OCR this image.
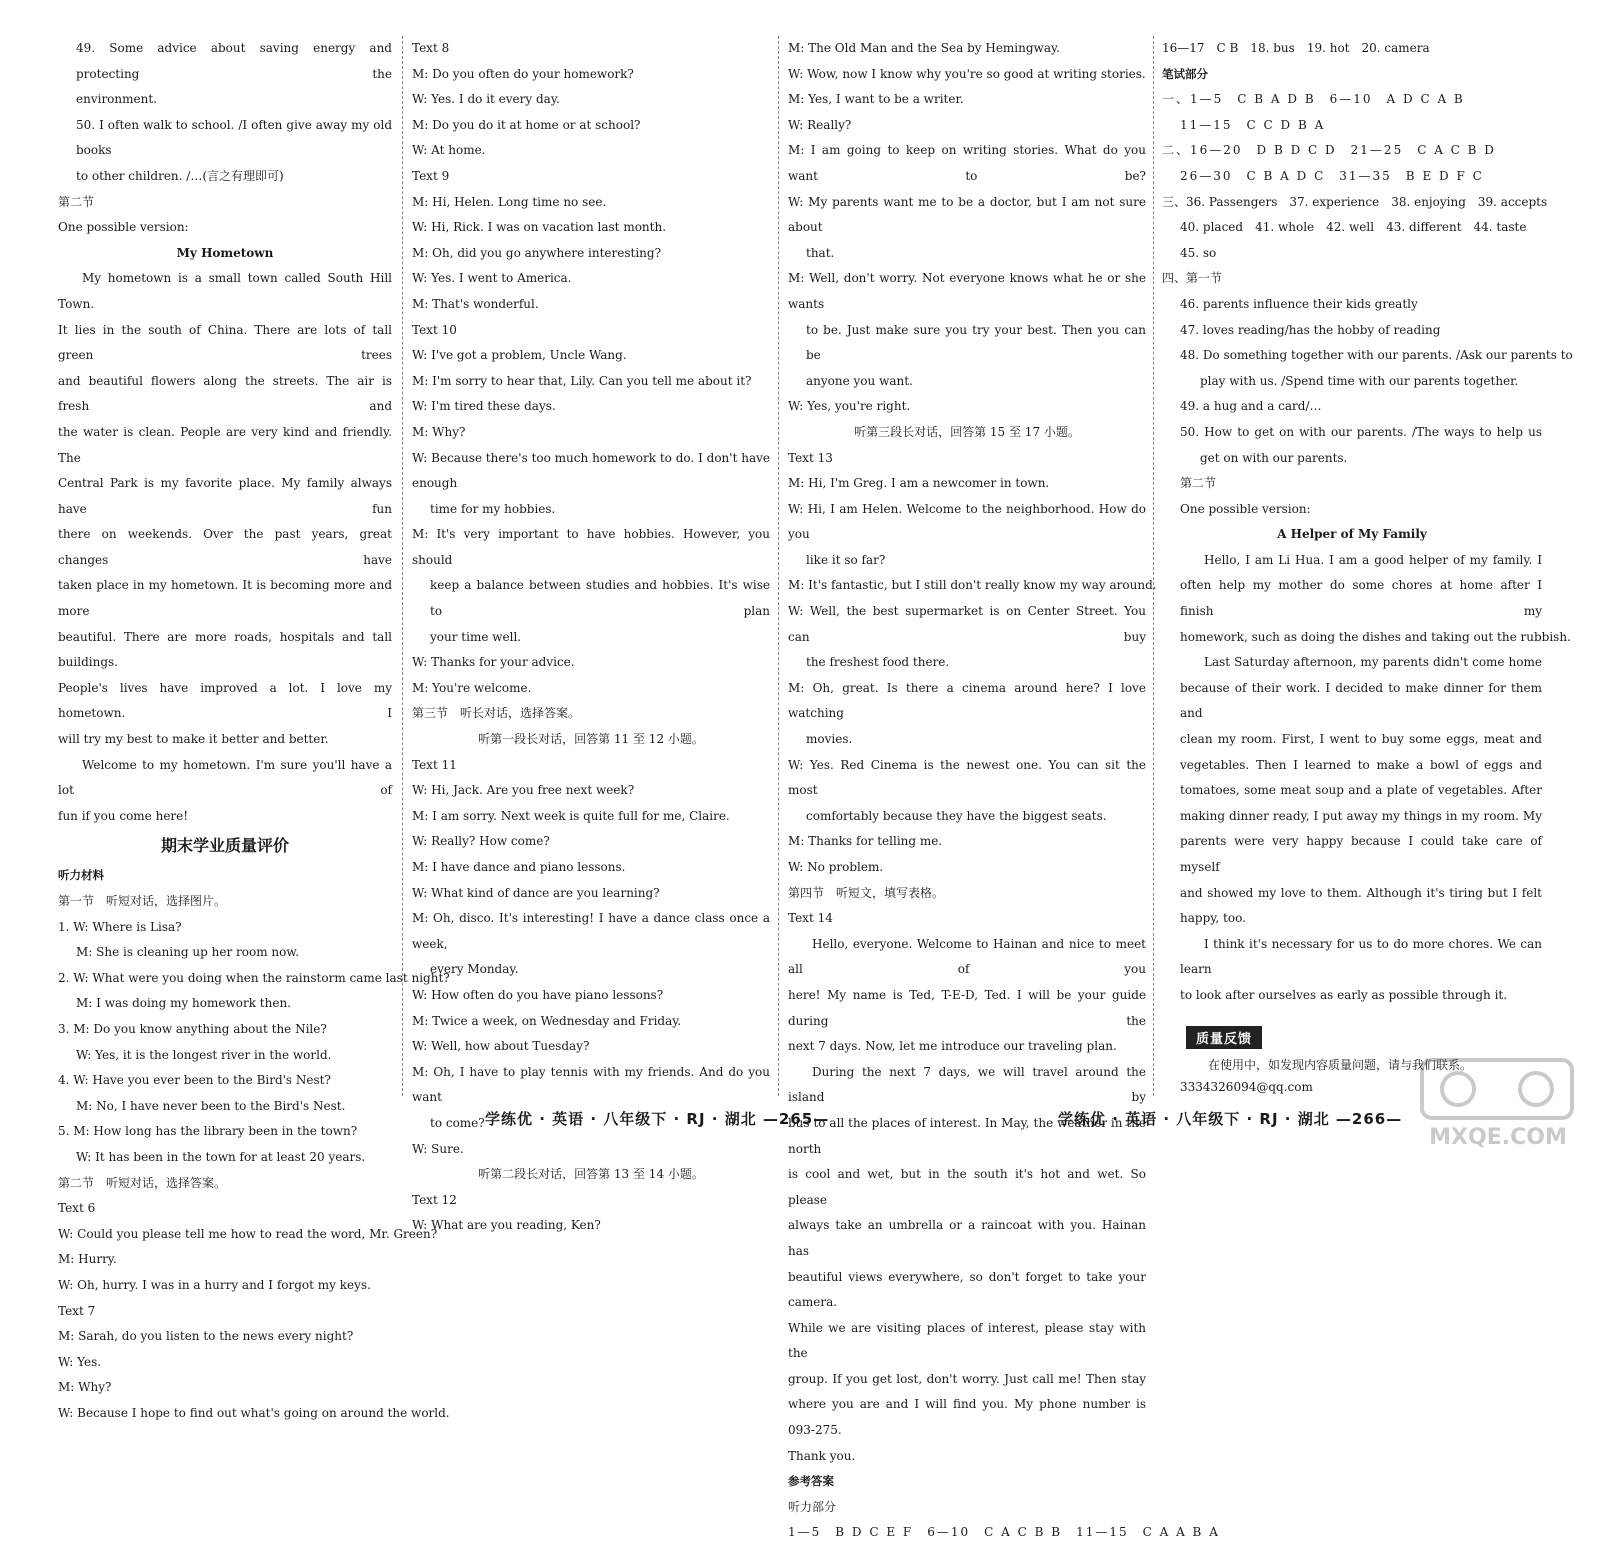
49. Some advice about saving energy and protecting the
environment.
50. I often walk to school. /I often give away my old books
to other children. /…(言之有理即可)
第二节
One possible version:
My Hometown
My hometown is a small town called South Hill Town.
It lies in the south of China. There are lots of tall green trees
and beautiful flowers along the streets. The air is fresh and
the water is clean. People are very kind and friendly. The
Central Park is my favorite place. My family always have fun
there on weekends. Over the past years, great changes have
taken place in my hometown. It is becoming more and more
beautiful. There are more roads, hospitals and tall buildings.
People's lives have improved a lot. I love my hometown. I
will try my best to make it better and better.
Welcome to my hometown. I'm sure you'll have a lot of
fun if you come here!
期末学业质量评价
听力材料
第一节　听短对话，选择图片。
1. W: Where is Lisa?
M: She is cleaning up her room now.
2. W: What were you doing when the rainstorm came last night?
M: I was doing my homework then.
3. M: Do you know anything about the Nile?
W: Yes, it is the longest river in the world.
4. W: Have you ever been to the Bird's Nest?
M: No, I have never been to the Bird's Nest.
5. M: How long has the library been in the town?
W: It has been in the town for at least 20 years.
第二节　听短对话，选择答案。
Text 6
W: Could you please tell me how to read the word, Mr. Green?
M: Hurry.
W: Oh, hurry. I was in a hurry and I forgot my keys.
Text 7
M: Sarah, do you listen to the news every night?
W: Yes.
M: Why?
W: Because I hope to find out what's going on around the world.
Text 8
M: Do you often do your homework?
W: Yes. I do it every day.
M: Do you do it at home or at school?
W: At home.
Text 9
M: Hi, Helen. Long time no see.
W: Hi, Rick. I was on vacation last month.
M: Oh, did you go anywhere interesting?
W: Yes. I went to America.
M: That's wonderful.
Text 10
W: I've got a problem, Uncle Wang.
M: I'm sorry to hear that, Lily. Can you tell me about it?
W: I'm tired these days.
M: Why?
W: Because there's too much homework to do. I don't have enough
time for my hobbies.
M: It's very important to have hobbies. However, you should
keep a balance between studies and hobbies. It's wise to plan
your time well.
W: Thanks for your advice.
M: You're welcome.
第三节　听长对话，选择答案。
听第一段长对话，回答第 11 至 12 小题。
Text 11
W: Hi, Jack. Are you free next week?
M: I am sorry. Next week is quite full for me, Claire.
W: Really? How come?
M: I have dance and piano lessons.
W: What kind of dance are you learning?
M: Oh, disco. It's interesting! I have a dance class once a week,
every Monday.
W: How often do you have piano lessons?
M: Twice a week, on Wednesday and Friday.
W: Well, how about Tuesday?
M: Oh, I have to play tennis with my friends. And do you want
to come?
W: Sure.
听第二段长对话，回答第 13 至 14 小题。
Text 12
W: What are you reading, Ken?
M: The Old Man and the Sea by Hemingway.
W: Wow, now I know why you're so good at writing stories.
M: Yes, I want to be a writer.
W: Really?
M: I am going to keep on writing stories. What do you want to be?
W: My parents want me to be a doctor, but I am not sure about
that.
M: Well, don't worry. Not everyone knows what he or she wants
to be. Just make sure you try your best. Then you can be
anyone you want.
W: Yes, you're right.
听第三段长对话，回答第 15 至 17 小题。
Text 13
M: Hi, I'm Greg. I am a newcomer in town.
W: Hi, I am Helen. Welcome to the neighborhood. How do you
like it so far?
M: It's fantastic, but I still don't really know my way around.
W: Well, the best supermarket is on Center Street. You can buy
the freshest food there.
M: Oh, great. Is there a cinema around here? I love watching
movies.
W: Yes. Red Cinema is the newest one. You can sit the most
comfortably because they have the biggest seats.
M: Thanks for telling me.
W: No problem.
第四节　听短文，填写表格。
Text 14
Hello, everyone. Welcome to Hainan and nice to meet all of you
here! My name is Ted, T-E-D, Ted. I will be your guide during the
next 7 days. Now, let me introduce our traveling plan.
During the next 7 days, we will travel around the island by
bus to all the places of interest. In May, the weather in the north
is cool and wet, but in the south it's hot and wet. So please
always take an umbrella or a raincoat with you. Hainan has
beautiful views everywhere, so don't forget to take your camera.
While we are visiting places of interest, please stay with the
group. If you get lost, don't worry. Just call me! Then stay
where you are and I will find you. My phone number is 093-275.
Thank you.
参考答案
听力部分
1—5　B D C E F　6—10　C A C B B　11—15　C A A B A
16—17　C B　18. bus　19. hot　20. camera
笔试部分
一、1—5　C B A D B　6—10　A D C A B
11—15　C C D B A
二、16—20　D B D C D　21—25　C A C B D
26—30　C B A D C　31—35　B E D F C
三、36. Passengers　37. experience　38. enjoying　39. accepts
40. placed　41. whole　42. well　43. different　44. taste
45. so
四、第一节
46. parents influence their kids greatly
47. loves reading/has the hobby of reading
48. Do something together with our parents. /Ask our parents to
play with us. /Spend time with our parents together.
49. a hug and a card/…
50. How to get on with our parents. /The ways to help us
get on with our parents.
第二节
One possible version:
A Helper of My Family
Hello, I am Li Hua. I am a good helper of my family. I
often help my mother do some chores at home after I finish my
homework, such as doing the dishes and taking out the rubbish.
Last Saturday afternoon, my parents didn't come home
because of their work. I decided to make dinner for them and
clean my room. First, I went to buy some eggs, meat and
vegetables. Then I learned to make a bowl of eggs and
tomatoes, some meat soup and a plate of vegetables. After
making dinner ready, I put away my things in my room. My
parents were very happy because I could take care of myself
and showed my love to them. Although it's tiring but I felt
happy, too.
I think it's necessary for us to do more chores. We can learn
to look after ourselves as early as possible through it.
质量反馈
在使用中，如发现内容质量问题，请与我们联系。
3334326094@qq.com
MXQE.COM
学练优 · 英语 · 八年级下 · RJ · 湖北 —265—	学练优 · 英语 · 八年级下 · RJ · 湖北 —266—
